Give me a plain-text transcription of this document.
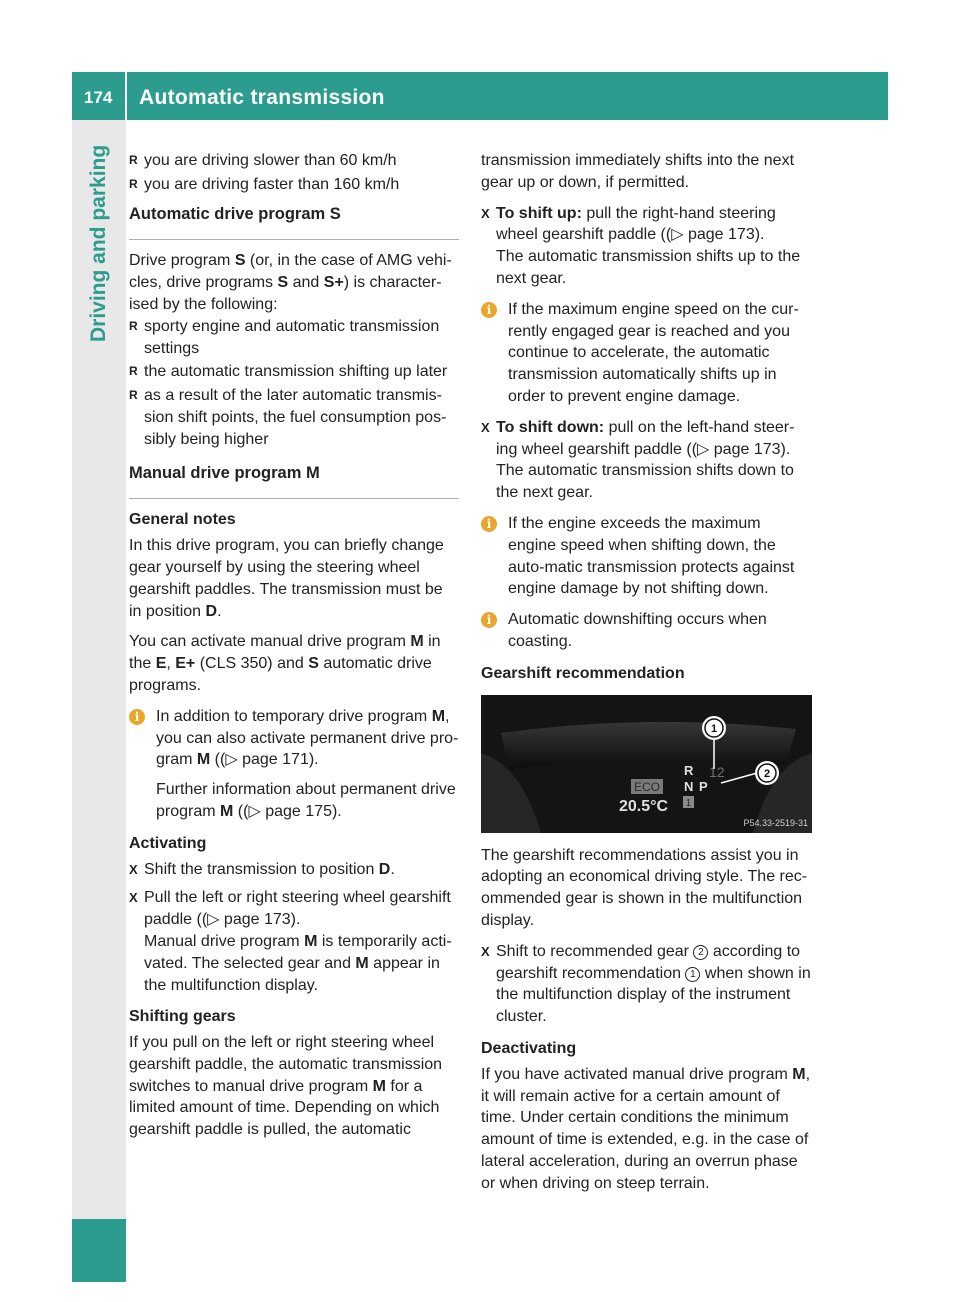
174 Automatic transmission
Driving and parking
R	you are driving slower than 60 km/h
R you are driving faster than 160 km/h
Automatic drive program S

Drive program S (or, in the case of AMG vehi-cles, drive programs S and S+) is character-ised by the following:

R sporty engine and automatic transmission settings
R the automatic transmission shifting up later
R as a result of the later automatic transmis-sion shift points, the fuel consumption pos-sibly being higher
Manual drive program M
General notes

In this drive program, you can briefly change gear yourself by using the steering wheel gearshift paddles. The transmission must be in position D.

You can activate manual drive program M in the E, E+ (CLS 350) and S automatic drive programs.

i	In addition to temporary drive program M, you can also activate permanent drive pro-gram M ((▷ page 171).
Further information about permanent drive program M ((▷ page 175).
Activating
X Shift the transmission to position D.
X Pull the left or right steering wheel gearshift paddle ((▷ page 173).

Manual drive program M is temporarily acti-vated. The selected gear and M appear in the multifunction display.

Shifting gears

If you pull on the left or right steering wheel gearshift paddle, the automatic transmission switches to manual drive program M for a limited amount of time. Depending on which gearshift paddle is pulled, the automatic

transmission immediately shifts into the next gear up or down, if permitted.

X To shift up: pull the right-hand steering wheel gearshift paddle ((▷ page 173).

The automatic transmission shifts up to the next gear.

i	If the maximum engine speed on the cur-rently engaged gear is reached and you continue to accelerate, the automatic transmission automatically shifts up in order to prevent engine damage.
X To shift down: pull on the left-hand steer-ing wheel gearshift paddle ((▷ page 173).

The automatic transmission shifts down to the next gear.

i	If the engine exceeds the maximum engine speed when shifting down, the auto-matic transmission protects against engine damage by not shifting down.
i	Automatic downshifting occurs when coasting.
Gearshift recommendation
ECO
20.5°C
R
N P
12
1
1
2
P54.33-2519-31

The gearshift recommendations assist you in adopting an economical driving style. The rec-ommended gear is shown in the multifunction display.

X Shift to recommended gear 2 according to gearshift recommendation 1 when shown in the multifunction display of the instrument cluster.
Deactivating

If you have activated manual drive program M, it will remain active for a certain amount of time. Under certain conditions the minimum amount of time is extended, e.g. in the case of lateral acceleration, during an overrun phase or when driving on steep terrain.
